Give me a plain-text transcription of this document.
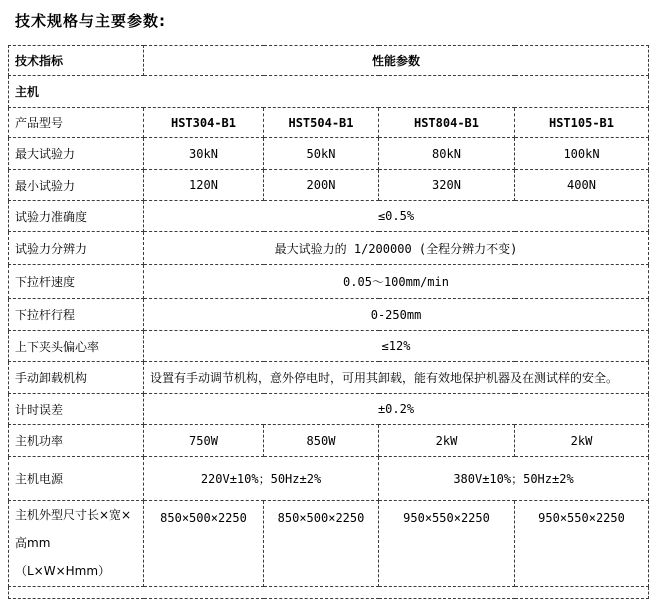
技术规格与主要参数:
技术指标	性能参数			
主机				
产品型号	HST304-B1	HST504-B1	HST804-B1	HST105-B1
最大试验力	30kN	50kN	80kN	100kN
最小试验力	120N	200N	320N	400N
试验力准确度	≤0.5%			
试验力分辨力	最大试验力的 1/200000 (全程分辨力不变)			
下拉杆速度	0.05～100mm/min			
下拉杆行程	0-250mm			
上下夹头偏心率	≤12%			
手动卸载机构	设置有手动调节机构，意外停电时，可用其卸载，能有效地保护机器及在测试样的安全。			
计时误差	±0.2%			
主机功率	750W	850W	2kW	2kW
主机电源	220V±10%；50Hz±2%		380V±10%；50Hz±2%	
主机外型尺寸长×宽×高mm（L×W×Hmm）	850×500×2250	850×500×2250	950×550×2250	950×550×2250
